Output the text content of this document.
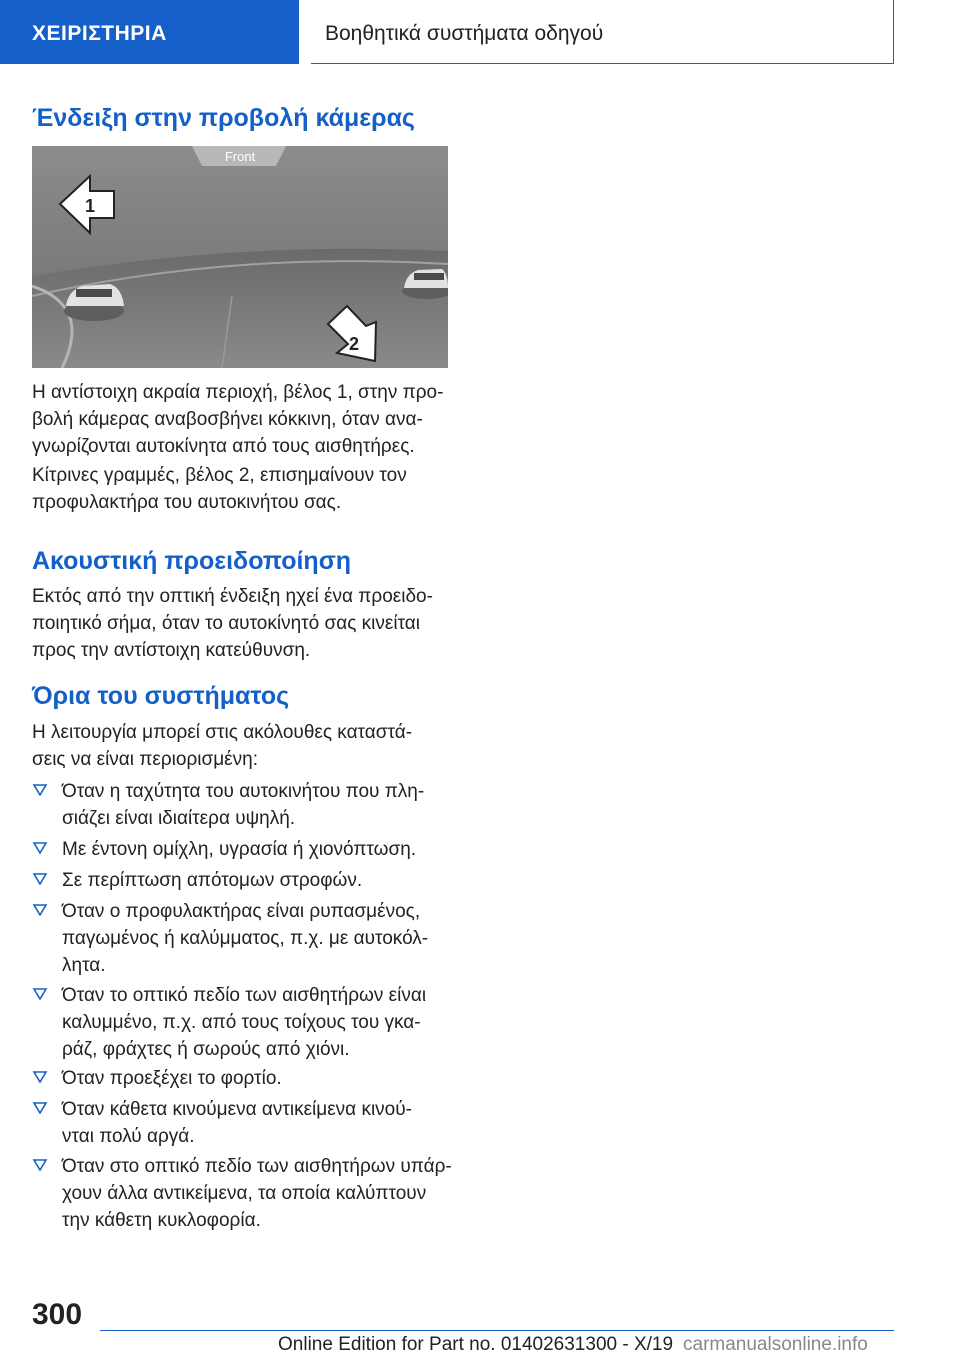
ΧΕΙΡΙΣΤΗΡΙΑ	Βοηθητικά συστήματα οδηγού
Ένδειξη στην προβολή κάμερας
Front
1
2

Η αντίστοιχη ακραία περιοχή, βέλος 1, στην προ-
βολή κάμερας αναβοσβήνει κόκκινη, όταν ανα-
γνωρίζονται αυτοκίνητα από τους αισθητήρες.

Κίτρινες γραμμές, βέλος 2, επισημαίνουν τον
προφυλακτήρα του αυτοκινήτου σας.

Ακουστική προειδοποίηση

Εκτός από την οπτική ένδειξη ηχεί ένα προειδο-
ποιητικό σήμα, όταν το αυτοκίνητό σας κινείται
προς την αντίστοιχη κατεύθυνση.

Όρια του συστήματος

Η λειτουργία μπορεί στις ακόλουθες καταστά-
σεις να είναι περιορισμένη:

Όταν η ταχύτητα του αυτοκινήτου που πλη-
σιάζει είναι ιδιαίτερα υψηλή.
Με έντονη ομίχλη, υγρασία ή χιονόπτωση.
Σε περίπτωση απότομων στροφών.
Όταν ο προφυλακτήρας είναι ρυπασμένος,
παγωμένος ή καλύμματος, π.χ. με αυτοκόλ-
λητα.
Όταν το οπτικό πεδίο των αισθητήρων είναι
καλυμμένο, π.χ. από τους τοίχους του γκα-
ράζ, φράχτες ή σωρούς από χιόνι.
Όταν προεξέχει το φορτίο.
Όταν κάθετα κινούμενα αντικείμενα κινού-
νται πολύ αργά.
Όταν στο οπτικό πεδίο των αισθητήρων υπάρ-
χουν άλλα αντικείμενα, τα οποία καλύπτουν
την κάθετη κυκλοφορία.
300
Online Edition for Part no. 01402631300 - X/19 carmanualsonline.info
